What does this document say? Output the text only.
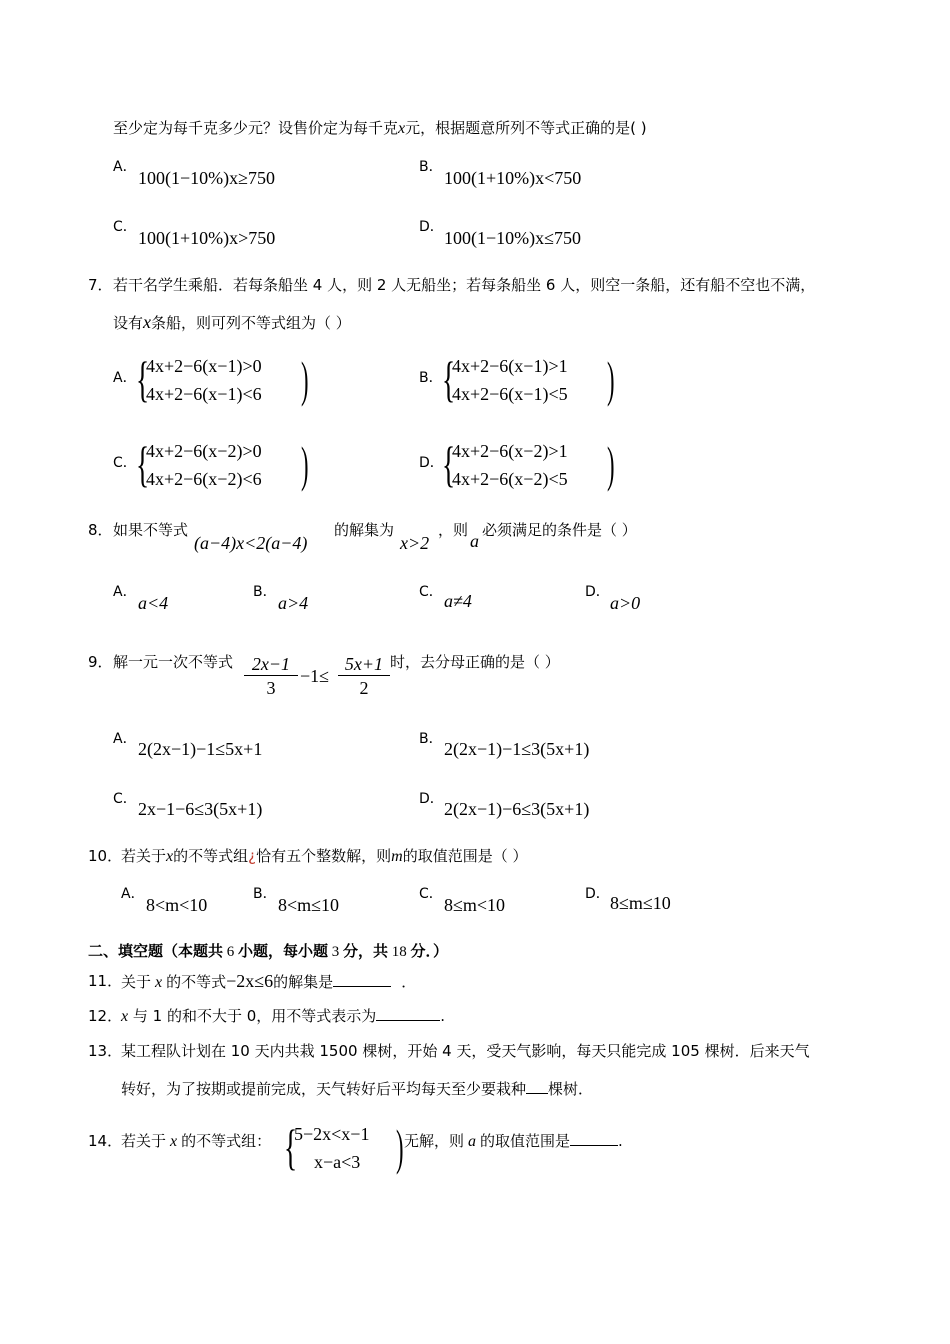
至少定为每千克多少元？设售价定为每千克x元，根据题意所列不等式正确的是( )
A．
100(1−10%)x≥750
B．
100(1+10%)x<750
C．
100(1+10%)x>750
D．
100(1−10%)x≤750
7． 若干名学生乘船．若每条船坐 4 人，则 2 人无船坐；若每条船坐 6 人，则空一条船，还有船不空也不满，
设有x条船，则可列不等式组为（ ）
A． {
4x+2−6(x−1)>0
4x+2−6(x−1)<6 )	B． {
4x+2−6(x−1)>1
4x+2−6(x−1)<5 )
C． {
4x+2−6(x−2)>0
4x+2−6(x−2)<6 )	D．
{
4x+2−6(x−2)>1
4x+2−6(x−2)<5 )
8． 如果不等式
(a−4)x<2(a−4)
的解集为
x>2
，则
a
必须满足的条件是（ ）
A．
a<4
B．
a>4
C． a≠4	D．
a>0
9． 解一元一次不等式 $\frac{2x-1}{3} -1\le \frac{5x+1}{2}$ 时，去分母正确的是（ ）
A． 2(2x−1)−1≤5x+1	B． 2(2x−1)−1≤3(5x+1)
C． 2x−1−6≤3(5x+1)	D． 2(2x−1)−6≤3(5x+1)
10．
若关于x的不等式组¿恰有五个整数解，则m的取值范围是（ ）
A．
8<m<10
B．
8<m≤10
C．
8≤m<10
D． 8≤m≤10
二、填空题（本题共 6 小题，每小题 3 分，共 18 分．）
11．
关于 x 的不等式−2x≤6的解集是	．
12．
x 与 1 的和不大于 0，用不等式表示为	.
13．
某工程队计划在 10 天内共栽 1500 棵树，开始 4 天，受天气影响，每天只能完成 105 棵树．后来天气
转好，为了按期或提前完成，天气转好后平均每天至少要栽种 棵树．
14．
若关于 x 的不等式组： {
5−2x<x−1
x−a<3 ) 无解，则 a 的取值范围是	.
